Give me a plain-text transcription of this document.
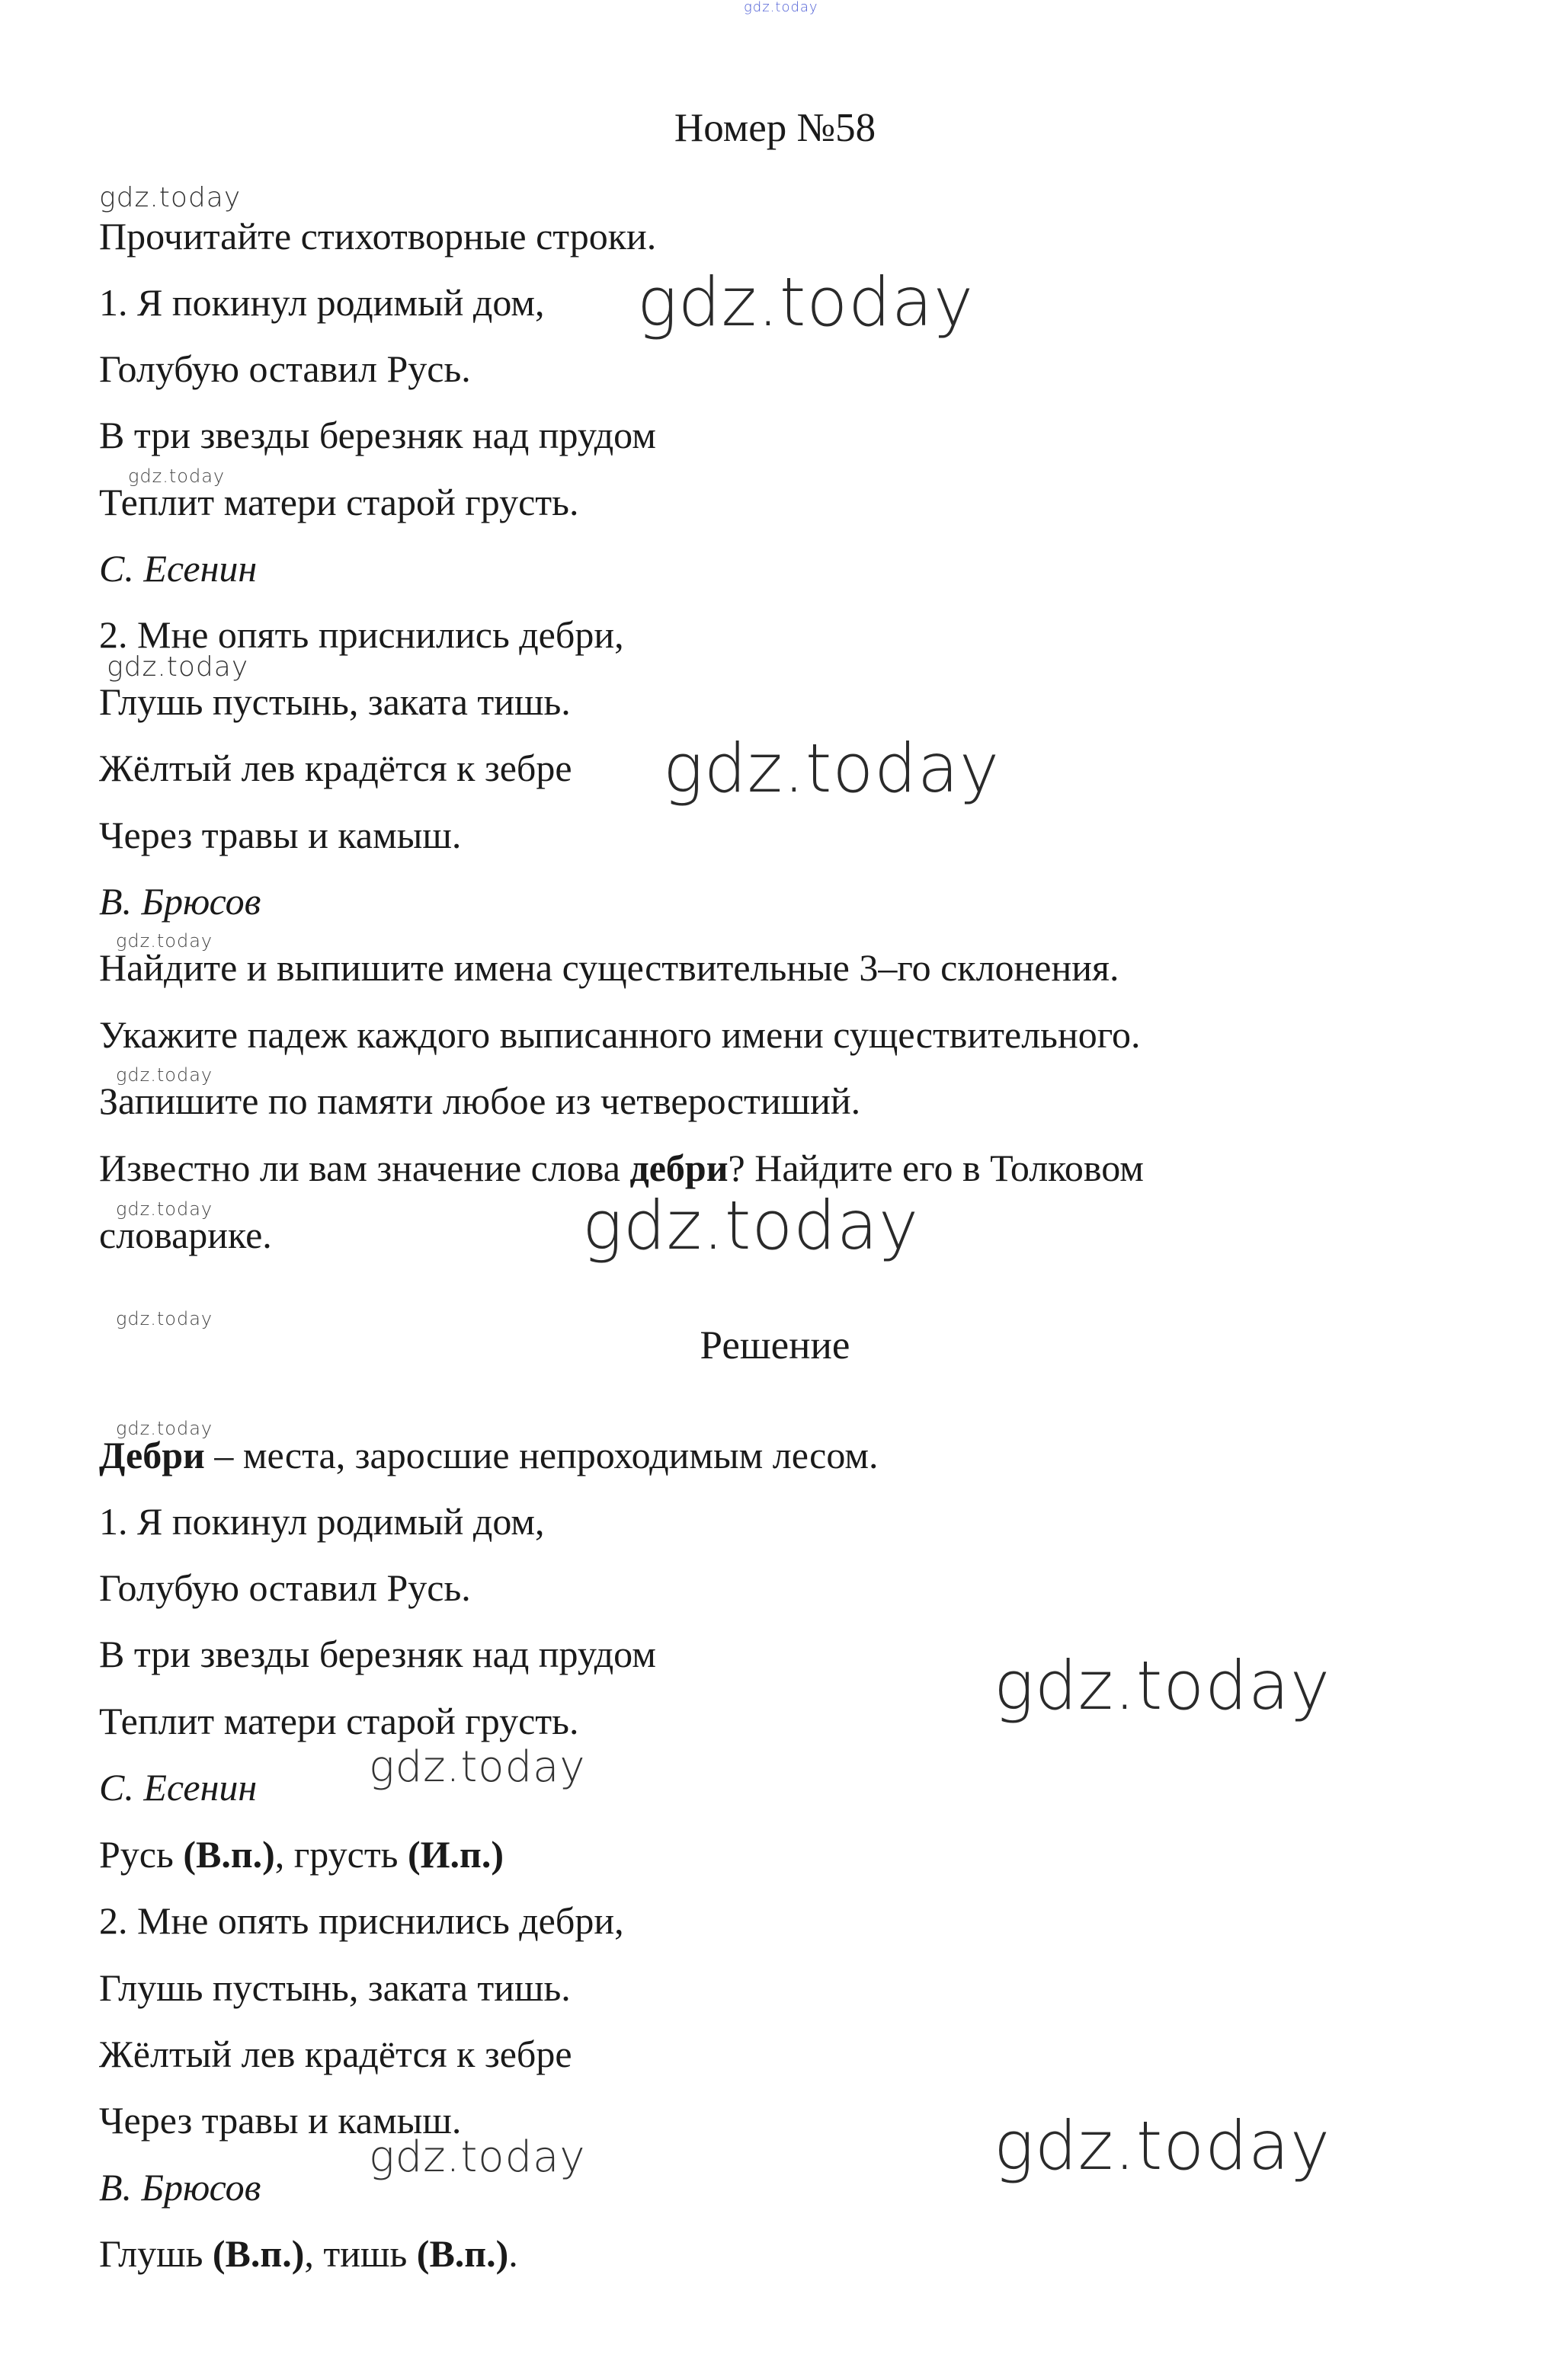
gdz.today
Номер №58
gdz.today
Прочитайте стихотворные строки.
1. Я покинул родимый дом, gdz.today
Голубую оставил Русь.
В три звезды березняк над прудом
gdz.today
Теплит матери старой грусть.
С. Есенин
2. Мне опять приснились дебри,
gdz.today
Глушь пустынь, заката тишь.
Жёлтый лев крадётся к зебре gdz.today
Через травы и камыш.
В. Брюсов
gdz.today
Найдите и выпишите имена существительные 3–го склонения.
Укажите падеж каждого выписанного имени существительного.
gdz.today
Запишите по памяти любое из четверостиший.
Известно ли вам значение слова дебри? Найдите его в Толковом
gdz.today
словарике.	gdz.today
gdz.today
Решение
gdz.today
Дебри – места, заросшие непроходимым лесом.
1. Я покинул родимый дом,
Голубую оставил Русь.
В три звезды березняк над прудом	gdz.today
Теплит матери старой грусть.
С. Есенин	gdz.today
Русь (В.п.), грусть (И.п.)
2. Мне опять приснились дебри,
Глушь пустынь, заката тишь.
Жёлтый лев крадётся к зебре
Через травы и камыш.	gdz.today
gdz.today
В. Брюсов
Глушь (В.п.), тишь (В.п.).
